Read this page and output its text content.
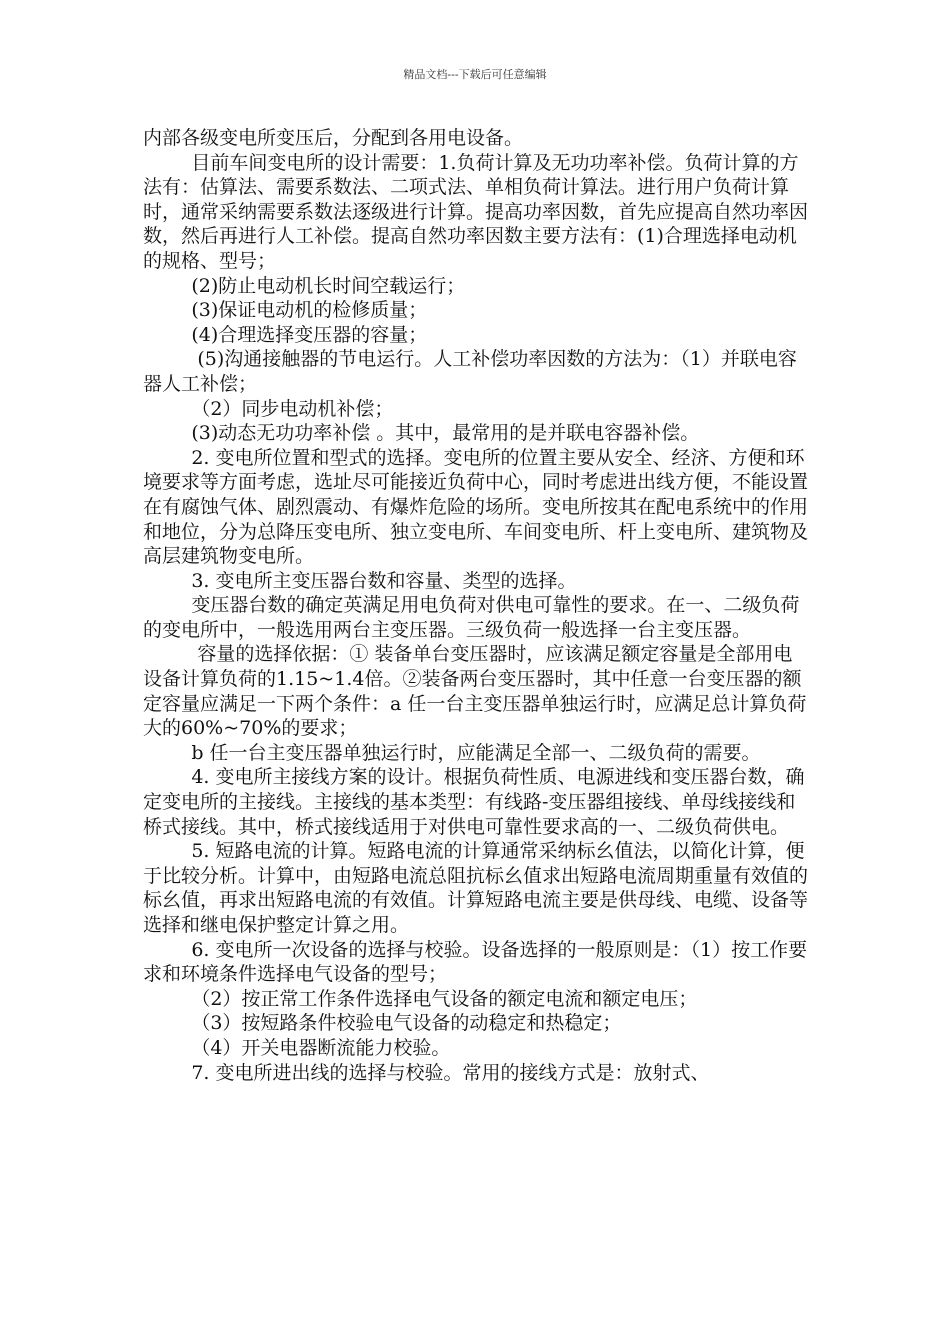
精品文档---下载后可任意编辑

内部各级变电所变压后，分配到各用电设备。

目前车间变电所的设计需要：1.负荷计算及无功功率补偿。负荷计算的方法有：估算法、需要系数法、二项式法、单相负荷计算法。进行用户负荷计算时，通常采纳需要系数法逐级进行计算。提高功率因数，首先应提高自然功率因数，然后再进行人工补偿。提高自然功率因数主要方法有：(1)合理选择电动机的规格、型号；

(2)防止电动机长时间空载运行；

(3)保证电动机的检修质量；

(4)合理选择变压器的容量；

(5)沟通接触器的节电运行。人工补偿功率因数的方法为：（1）并联电容器人工补偿；

（2）同步电动机补偿；

(3)动态无功功率补偿 。其中，最常用的是并联电容器补偿。

2. 变电所位置和型式的选择。变电所的位置主要从安全、经济、方便和环境要求等方面考虑，选址尽可能接近负荷中心，同时考虑进出线方便，不能设置在有腐蚀气体、剧烈震动、有爆炸危险的场所。变电所按其在配电系统中的作用和地位，分为总降压变电所、独立变电所、车间变电所、杆上变电所、建筑物及高层建筑物变电所。

3. 变电所主变压器台数和容量、类型的选择。

变压器台数的确定英满足用电负荷对供电可靠性的要求。在一、二级负荷的变电所中，一般选用两台主变压器。三级负荷一般选择一台主变压器。

容量的选择依据：① 装备单台变压器时，应该满足额定容量是全部用电设备计算负荷的1.15~1.4倍。②装备两台变压器时，其中任意一台变压器的额定容量应满足一下两个条件：a 任一台主变压器单独运行时，应满足总计算负荷大的60%~70%的要求；

b 任一台主变压器单独运行时，应能满足全部一、二级负荷的需要。

4. 变电所主接线方案的设计。根据负荷性质、电源进线和变压器台数，确定变电所的主接线。主接线的基本类型：有线路-变压器组接线、单母线接线和桥式接线。其中，桥式接线适用于对供电可靠性要求高的一、二级负荷供电。

5. 短路电流的计算。短路电流的计算通常采纳标幺值法，以简化计算，便于比较分析。计算中，由短路电流总阻抗标幺值求出短路电流周期重量有效值的标幺值，再求出短路电流的有效值。计算短路电流主要是供母线、电缆、设备等选择和继电保护整定计算之用。

6. 变电所一次设备的选择与校验。设备选择的一般原则是：（1）按工作要求和环境条件选择电气设备的型号；

（2）按正常工作条件选择电气设备的额定电流和额定电压；

（3）按短路条件校验电气设备的动稳定和热稳定；

（4）开关电器断流能力校验。

7. 变电所进出线的选择与校验。常用的接线方式是：放射式、
